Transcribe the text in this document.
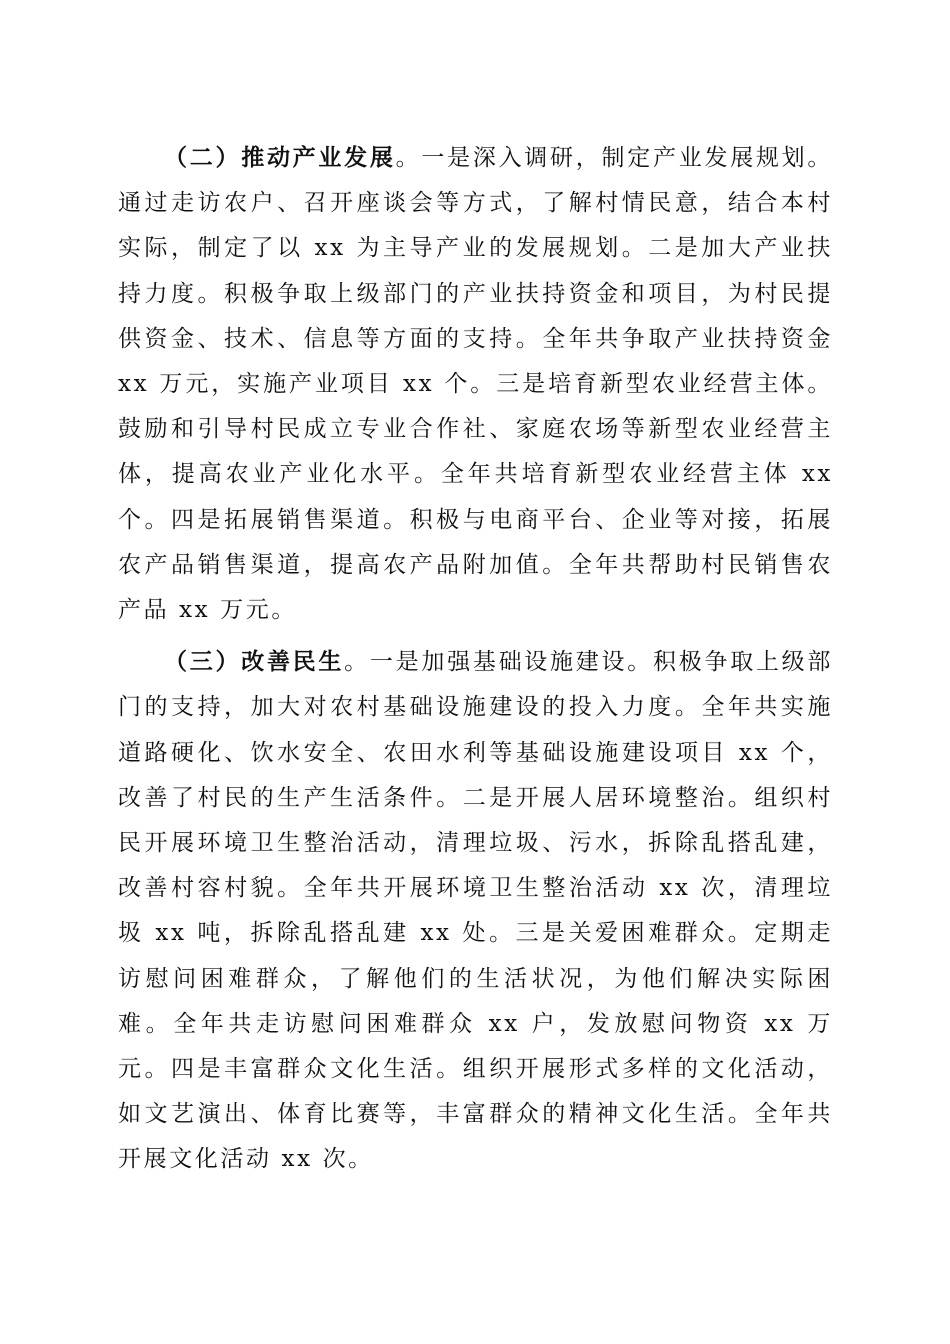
（二）推动产业发展。一是深入调研，制定产业发展规划。通过走访农户、召开座谈会等方式，了解村情民意，结合本村实际，制定了以 xx 为主导产业的发展规划。二是加大产业扶持力度。积极争取上级部门的产业扶持资金和项目，为村民提供资金、技术、信息等方面的支持。全年共争取产业扶持资金 xx 万元，实施产业项目 xx 个。三是培育新型农业经营主体。鼓励和引导村民成立专业合作社、家庭农场等新型农业经营主体，提高农业产业化水平。全年共培育新型农业经营主体 xx 个。四是拓展销售渠道。积极与电商平台、企业等对接，拓展农产品销售渠道，提高农产品附加值。全年共帮助村民销售农产品 xx 万元。

（三）改善民生。一是加强基础设施建设。积极争取上级部门的支持，加大对农村基础设施建设的投入力度。全年共实施道路硬化、饮水安全、农田水利等基础设施建设项目 xx 个，改善了村民的生产生活条件。二是开展人居环境整治。组织村民开展环境卫生整治活动，清理垃圾、污水，拆除乱搭乱建，改善村容村貌。全年共开展环境卫生整治活动 xx 次，清理垃圾 xx 吨，拆除乱搭乱建 xx 处。三是关爱困难群众。定期走访慰问困难群众，了解他们的生活状况，为他们解决实际困难。全年共走访慰问困难群众 xx 户，发放慰问物资 xx 万元。四是丰富群众文化生活。组织开展形式多样的文化活动，如文艺演出、体育比赛等，丰富群众的精神文化生活。全年共开展文化活动 xx 次。
